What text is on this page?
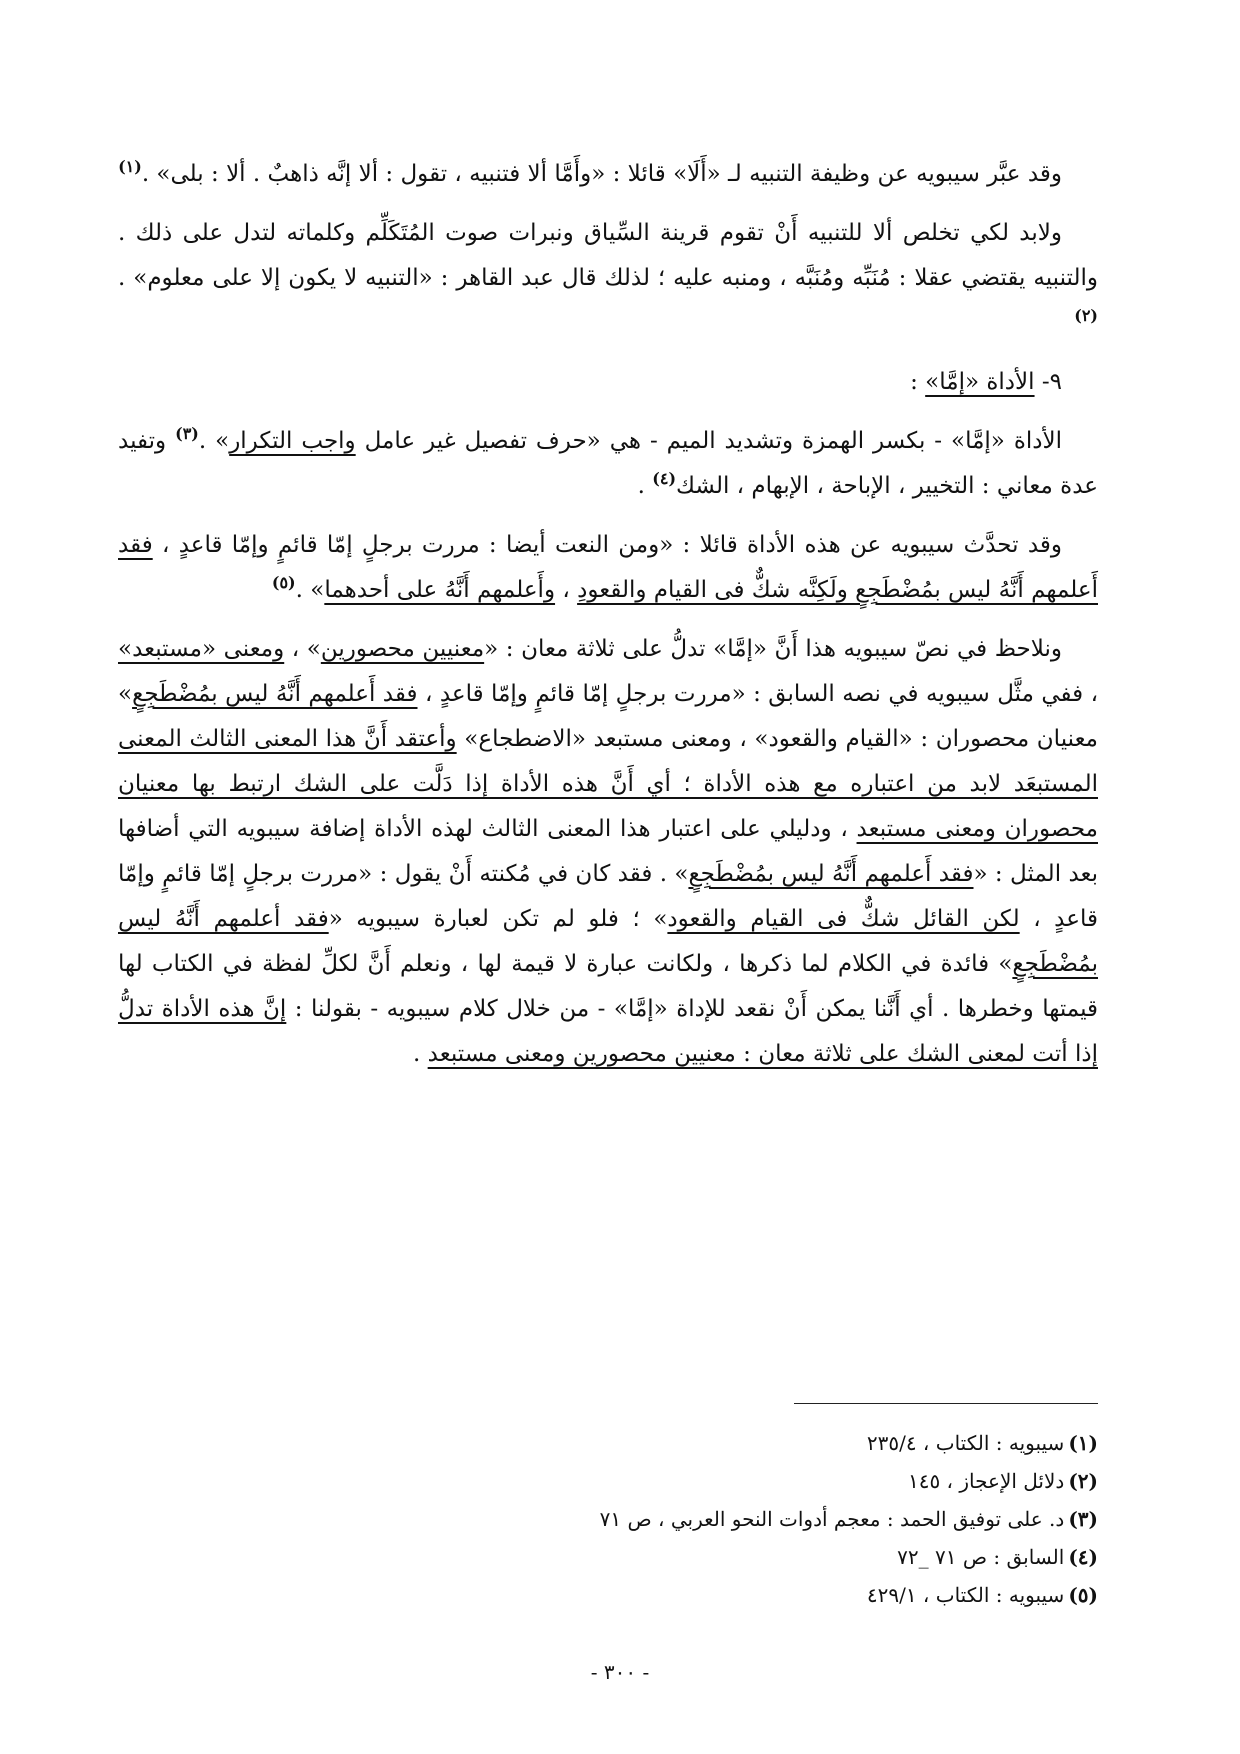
وقد عبَّر سيبويه عن وظيفة التنبيه لـ «أَلَا» قائلا : «وأَمَّا ألا فتنبيه ، تقول : ألا إنَّه ذاهبٌ . ألا : بلى» .$^{(١)}$

ولابد لكي تخلص ألا للتنبيه أَنْ تقوم قرينة السِّياق ونبرات صوت المُتَكَلِّم وكلماته لتدل على ذلك . والتنبيه يقتضي عقلا : مُنَبِّه ومُنَبَّه ، ومنبه عليه ؛ لذلك قال عبد القاهر : «التنبيه لا يكون إلا على معلوم» .$^{(٢)}$

٩- الأداة «إمَّا» :

الأداة «إمَّا» - بكسر الهمزة وتشديد الميم - هي «حرف تفصيل غير عامل واجب التكرار» .$^{(٣)}$ وتفيد عدة معاني : التخيير ، الإباحة ، الإبهام ، الشك$^{(٤)}$ .

وقد تحدَّث سيبويه عن هذه الأداة قائلا : «ومن النعت أيضا : مررت برجلٍ إمّا قائمٍ وإمّا قاعدٍ ، فقد أَعلمهم أَنَّهُ ليس بمُضْطَجِعٍ ولَكِنَّه شكٌّ فى القيام والقعودِ ، وأَعلمهم أَنَّهُ على أحدهما» .$^{(٥)}$

ونلاحظ في نصّ سيبويه هذا أَنَّ «إمَّا» تدلُّ على ثلاثة معان : «معنيين محصورين» ، ومعنى «مستبعد» ، ففي مثَّل سيبويه في نصه السابق : «مررت برجلٍ إمّا قائمٍ وإمّا قاعدٍ ، فقد أَعلمهم أَنَّهُ ليس بمُضْطَجِعٍ» معنيان محصوران : «القيام والقعود» ، ومعنى مستبعد «الاضطجاع» وأعتقد أَنَّ هذا المعنى الثالث المعنى المستبعَد لابد من اعتباره مع هذه الأداة ؛ أي أَنَّ هذه الأداة إذا دَلَّت على الشك ارتبط بها معنيان محصوران ومعنى مستبعد ، ودليلي على اعتبار هذا المعنى الثالث لهذه الأداة إضافة سيبويه التي أضافها بعد المثل : «فقد أَعلمهم أَنَّهُ ليس بمُضْطَجِعٍ» . فقد كان في مُكنته أَنْ يقول : «مررت برجلٍ إمّا قائمٍ وإمّا قاعدٍ ، لكن القائل شكٌّ فى القيام والقعود» ؛ فلو لم تكن لعبارة سيبويه «فقد أعلمهم أَنَّهُ ليس بمُضْطَجِعٍ» فائدة في الكلام لما ذكرها ، ولكانت عبارة لا قيمة لها ، ونعلم أَنَّ لكلِّ لفظة في الكتاب لها قيمتها وخطرها . أي أَنَّنا يمكن أَنْ نقعد للإداة «إمَّا» - من خلال كلام سيبويه - بقولنا : إنَّ هذه الأداة تدلُّ إذا أتت لمعنى الشك على ثلاثة معان : معنيين محصورين ومعنى مستبعد .

(١)سيبويه : الكتاب ، ٢٣٥/٤
(٢)دلائل الإعجاز ، ١٤٥
(٣)د. على توفيق الحمد : معجم أدوات النحو العربي ، ص ٧١
(٤)السابق : ص ٧١ _٧٢
(٥)سيبويه : الكتاب ، ٤٢٩/١
- ٣٠٠ -
